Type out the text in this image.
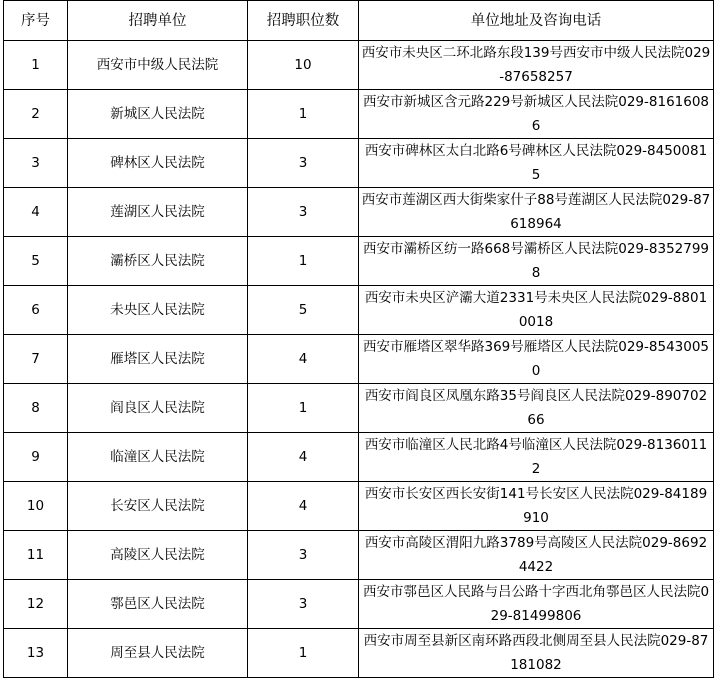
序号	招聘单位	招聘职位数	单位地址及咨询电话
1	西安市中级人民法院	10	西安市未央区二环北路东段139号西安市中级人民法院029-87658257
2	新城区人民法院	1	西安市新城区含元路229号新城区人民法院029-81616086
3	碑林区人民法院	3	西安市碑林区太白北路6号碑林区人民法院029-84500815
4	莲湖区人民法院	3	西安市莲湖区西大街柴家什子88号莲湖区人民法院029-87618964
5	灞桥区人民法院	1	西安市灞桥区纺一路668号灞桥区人民法院029-83527998
6	未央区人民法院	5	西安市未央区浐灞大道2331号未央区人民法院029-88010018
7	雁塔区人民法院	4	西安市雁塔区翠华路369号雁塔区人民法院029-85430050
8	阎良区人民法院	1	西安市阎良区凤凰东路35号阎良区人民法院029-89070266
9	临潼区人民法院	4	西安市临潼区人民北路4号临潼区人民法院029-81360112
10	长安区人民法院	4	西安市长安区西长安街141号长安区人民法院029-84189910
11	高陵区人民法院	3	西安市高陵区渭阳九路3789号高陵区人民法院029-86924422
12	鄠邑区人民法院	3	西安市鄠邑区人民路与吕公路十字西北角鄠邑区人民法院029-81499806
13	周至县人民法院	1	西安市周至县新区南环路西段北侧周至县人民法院029-87181082
